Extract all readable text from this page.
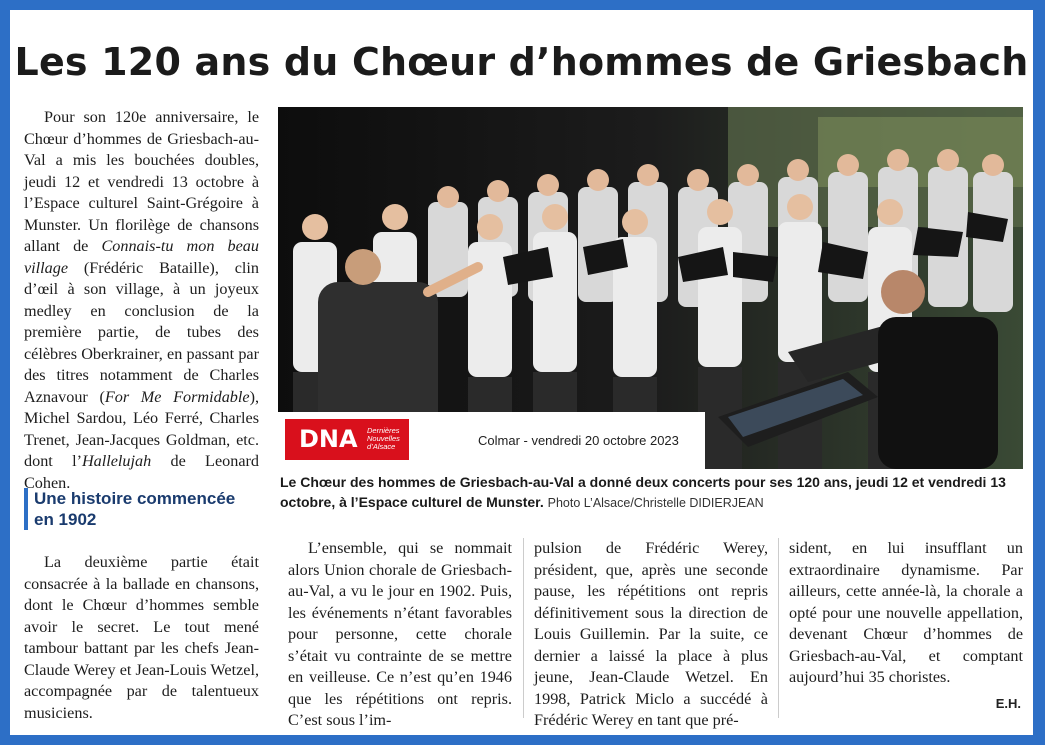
Les 120 ans du Chœur d’hommes de Griesbach

Pour son 120e anniversaire, le Chœur d’hommes de Griesbach-au-Val a mis les bouchées doubles, jeudi 12 et vendredi 13 octobre à l’Espace culturel Saint-Grégoire à Munster. Un florilège de chansons allant de Connais-tu mon beau village (Frédéric Bataille), clin d’œil à son village, à un joyeux medley en conclusion de la première partie, de tubes des célèbres Oberkrainer, en passant par des titres notamment de Charles Aznavour (For Me Formidable), Michel Sardou, Léo Ferré, Charles Trenet, Jean-Jacques Goldman, etc. dont l’Hallelujah de Leonard Cohen.

Une histoire commencée en 1902

La deuxième partie était consacrée à la ballade en chansons, dont le Chœur d’hommes semble avoir le secret. Le tout mené tambour battant par les chefs Jean-Claude Werey et Jean-Louis Wetzel, accompagnée par de talentueux musiciens.

DNA Dernières Nouvelles d’Alsace	Colmar - vendredi 20 octobre 2023
Le Chœur des hommes de Griesbach-au-Val a donné deux concerts pour ses 120 ans, jeudi 12 et vendredi 13 octobre, à l’Espace culturel de Munster. Photo L’Alsace/Christelle DIDIERJEAN

L’ensemble, qui se nommait alors Union chorale de Griesbach-au-Val, a vu le jour en 1902. Puis, les événements n’étant favorables pour personne, cette chorale s’était vu contrainte de se mettre en veilleuse. Ce n’est qu’en 1946 que les répétitions ont repris. C’est sous l’im-

pulsion de Frédéric Werey, président, que, après une seconde pause, les répétitions ont repris définitivement sous la direction de Louis Guillemin. Par la suite, ce dernier a laissé la place à plus jeune, Jean-Claude Wetzel. En 1998, Patrick Miclo a succédé à Frédéric Werey en tant que pré-

sident, en lui insufflant un extraordinaire dynamisme. Par ailleurs, cette année-là, la chorale a opté pour une nouvelle appellation, devenant Chœur d’hommes de Griesbach-au-Val, et comptant aujourd’hui 35 choristes.

E.H.
